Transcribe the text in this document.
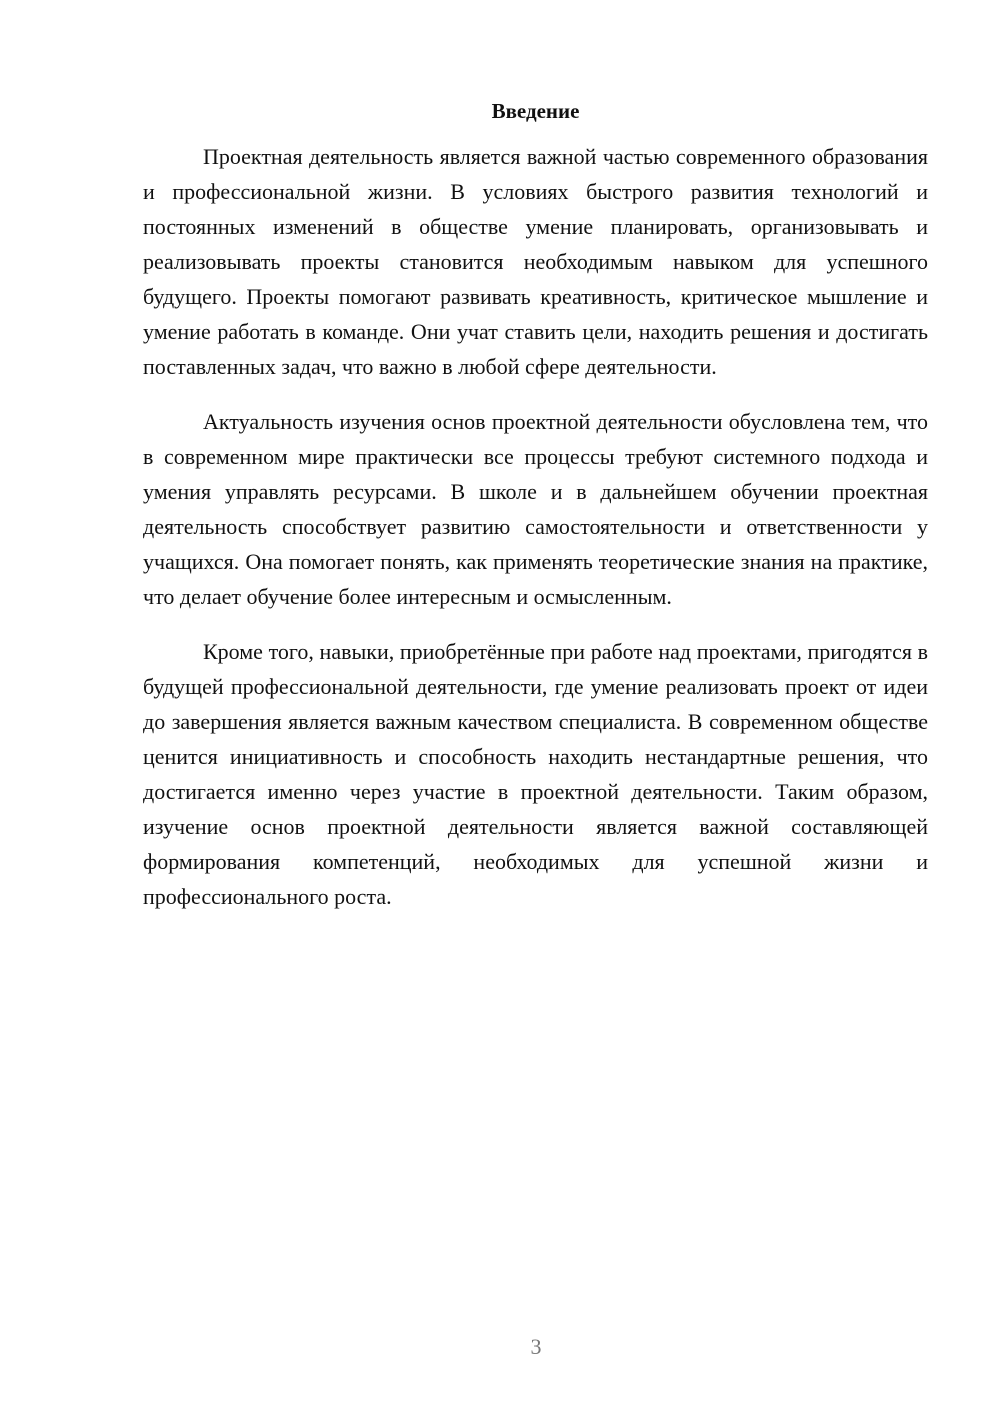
Введение

Проектная деятельность является важной частью современного образования и профессиональной жизни. В условиях быстрого развития технологий и постоянных изменений в обществе умение планировать, организовывать и реализовывать проекты становится необходимым навыком для успешного будущего. Проекты помогают развивать креативность, критическое мышление и умение работать в команде. Они учат ставить цели, находить решения и достигать поставленных задач, что важно в любой сфере деятельности.

Актуальность изучения основ проектной деятельности обусловлена тем, что в современном мире практически все процессы требуют системного подхода и умения управлять ресурсами. В школе и в дальнейшем обучении проектная деятельность способствует развитию самостоятельности и ответственности у учащихся. Она помогает понять, как применять теоретические знания на практике, что делает обучение более интересным и осмысленным.

Кроме того, навыки, приобретённые при работе над проектами, пригодятся в будущей профессиональной деятельности, где умение реализовать проект от идеи до завершения является важным качеством специалиста. В современном обществе ценится инициативность и способность находить нестандартные решения, что достигается именно через участие в проектной деятельности. Таким образом, изучение основ проектной деятельности является важной составляющей формирования компетенций, необходимых для успешной жизни и профессионального роста.

3
